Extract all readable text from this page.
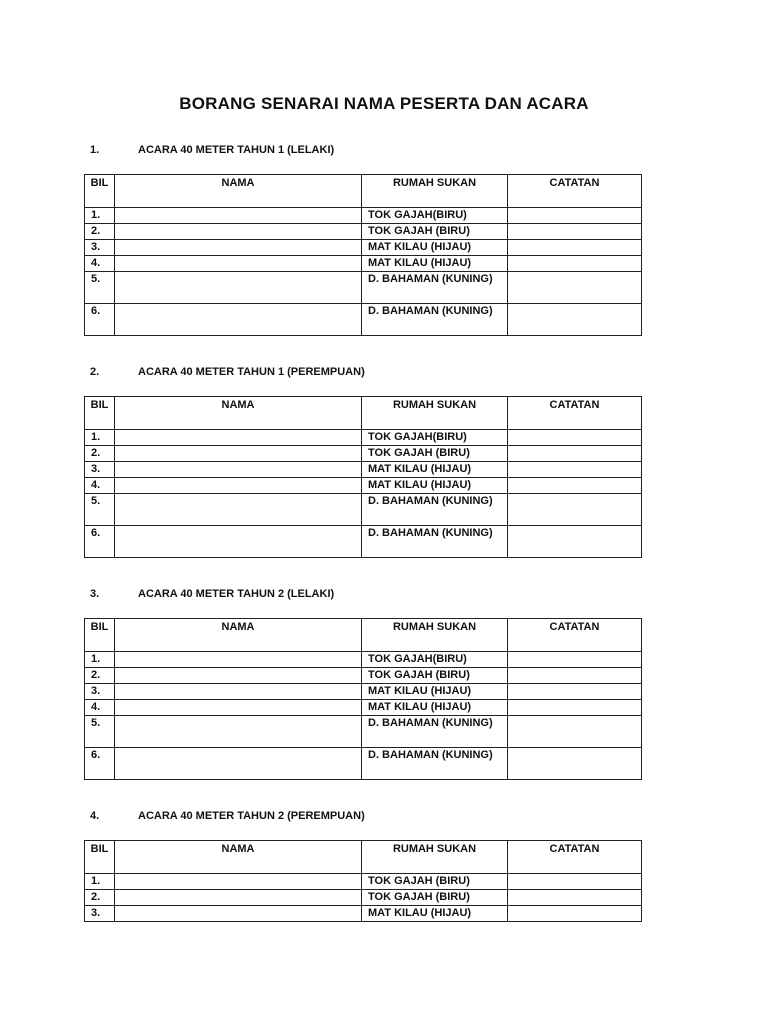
BORANG SENARAI NAMA PESERTA DAN ACARA
1.	ACARA 40 METER TAHUN 1 (LELAKI)
BIL	NAMA	RUMAH SUKAN	CATATAN
1.		TOK GAJAH(BIRU)	
2.		TOK GAJAH (BIRU)	
3.		MAT KILAU (HIJAU)	
4.		MAT KILAU (HIJAU)	
5.		D. BAHAMAN (KUNING)	
6.		D. BAHAMAN (KUNING)	
2.	ACARA 40 METER TAHUN 1 (PEREMPUAN)
BIL	NAMA	RUMAH SUKAN	CATATAN
1.		TOK GAJAH(BIRU)	
2.		TOK GAJAH (BIRU)	
3.		MAT KILAU (HIJAU)	
4.		MAT KILAU (HIJAU)	
5.		D. BAHAMAN (KUNING)	
6.		D. BAHAMAN (KUNING)	
3.	ACARA 40 METER TAHUN 2 (LELAKI)
BIL	NAMA	RUMAH SUKAN	CATATAN
1.		TOK GAJAH(BIRU)	
2.		TOK GAJAH (BIRU)	
3.		MAT KILAU (HIJAU)	
4.		MAT KILAU (HIJAU)	
5.		D. BAHAMAN (KUNING)	
6.		D. BAHAMAN (KUNING)	
4.	ACARA 40 METER TAHUN 2 (PEREMPUAN)
BIL	NAMA	RUMAH SUKAN	CATATAN
1.		TOK GAJAH (BIRU)	
2.		TOK GAJAH (BIRU)	
3.		MAT KILAU (HIJAU)	
